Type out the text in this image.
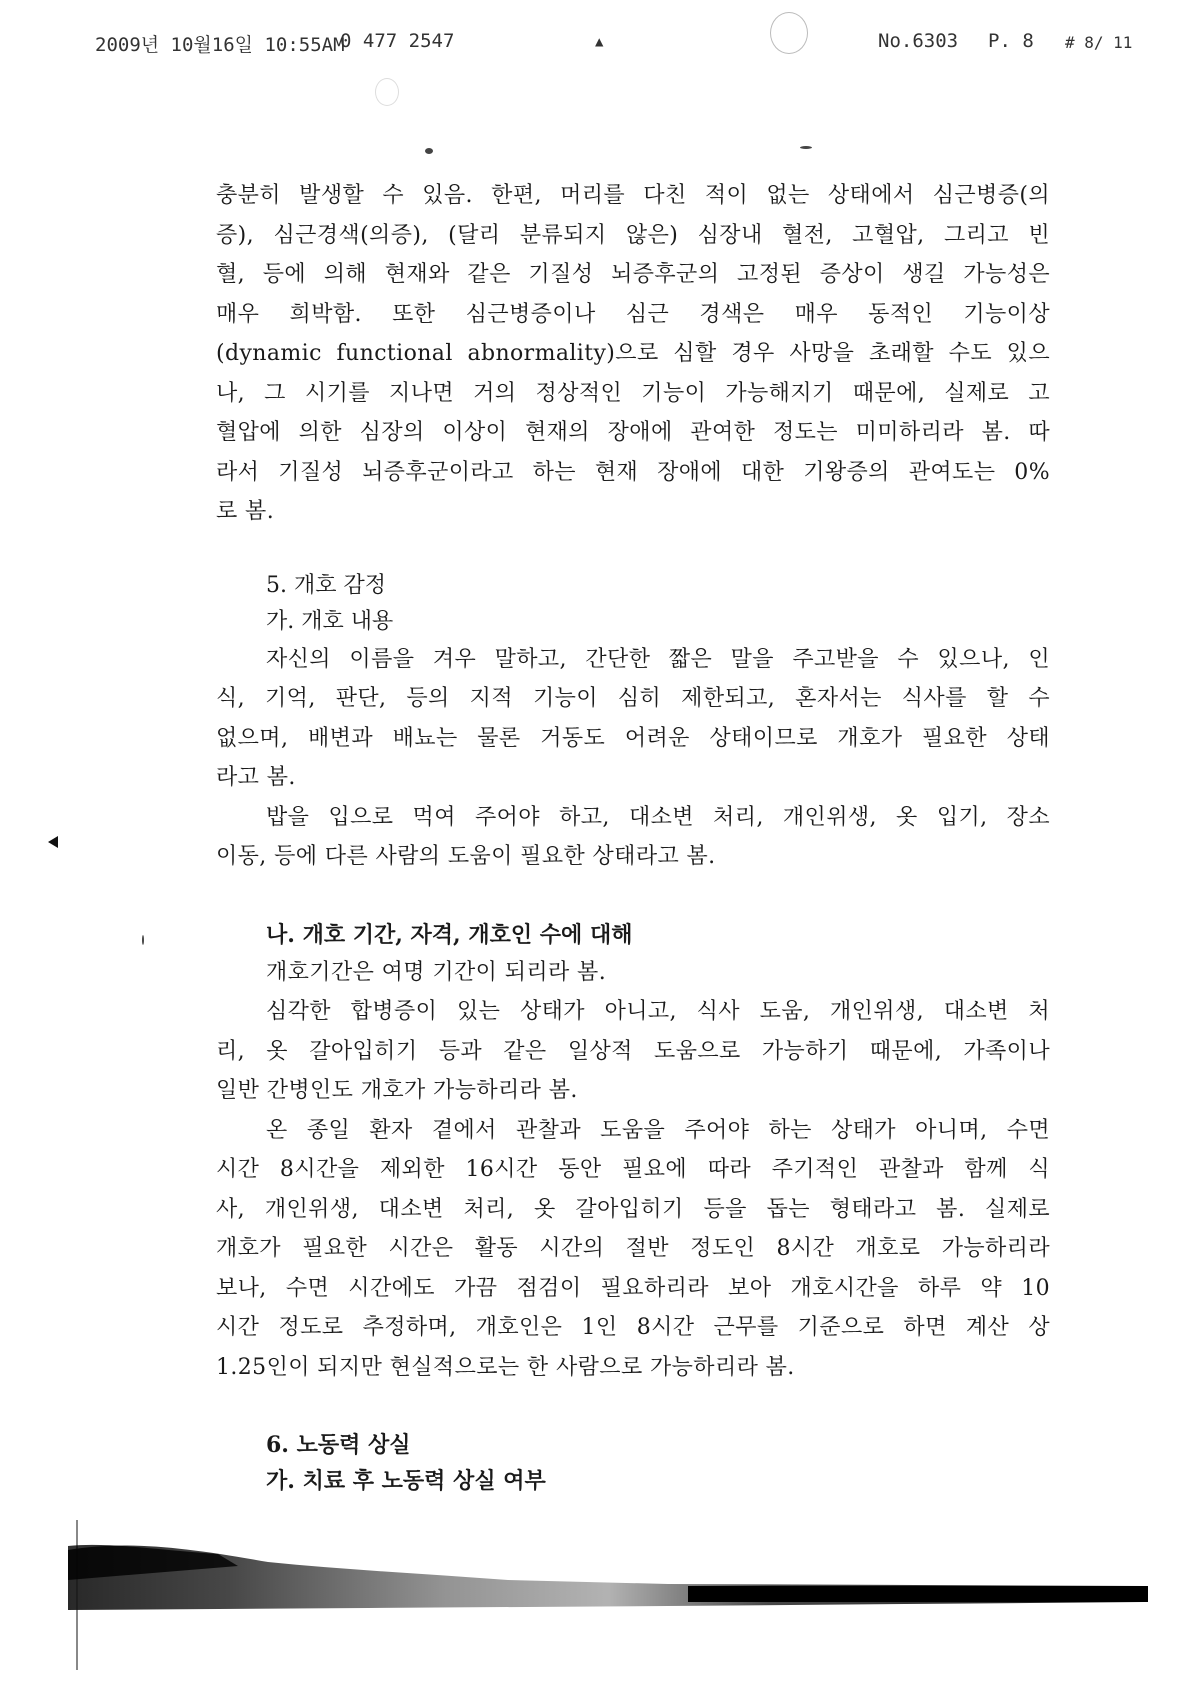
2009년 10월16일 10:55AM
0 477 2547	▲	No.6303 P. 8 # 8/ 11

충분히 발생할 수 있음. 한편, 머리를 다친 적이 없는 상태에서 심근병증(의

증), 심근경색(의증), (달리 분류되지 않은) 심장내 혈전, 고혈압, 그리고 빈

혈, 등에 의해 현재와 같은 기질성 뇌증후군의 고정된 증상이 생길 가능성은

매우 희박함. 또한 심근병증이나 심근 경색은 매우 동적인 기능이상

(dynamic functional abnormality)으로 심할 경우 사망을 초래할 수도 있으

나, 그 시기를 지나면 거의 정상적인 기능이 가능해지기 때문에, 실제로 고

혈압에 의한 심장의 이상이 현재의 장애에 관여한 정도는 미미하리라 봄. 따

라서 기질성 뇌증후군이라고 하는 현재 장애에 대한 기왕증의 관여도는 0%

로 봄.

5. 개호 감정

가. 개호 내용

자신의 이름을 겨우 말하고, 간단한 짧은 말을 주고받을 수 있으나, 인

식, 기억, 판단, 등의 지적 기능이 심히 제한되고, 혼자서는 식사를 할 수

없으며, 배변과 배뇨는 물론 거동도 어려운 상태이므로 개호가 필요한 상태

라고 봄.

밥을 입으로 먹여 주어야 하고, 대소변 처리, 개인위생, 옷 입기, 장소

이동, 등에 다른 사람의 도움이 필요한 상태라고 봄.

나. 개호 기간, 자격, 개호인 수에 대해

개호기간은 여명 기간이 되리라 봄.

심각한 합병증이 있는 상태가 아니고, 식사 도움, 개인위생, 대소변 처

리, 옷 갈아입히기 등과 같은 일상적 도움으로 가능하기 때문에, 가족이나

일반 간병인도 개호가 가능하리라 봄.

온 종일 환자 곁에서 관찰과 도움을 주어야 하는 상태가 아니며, 수면

시간 8시간을 제외한 16시간 동안 필요에 따라 주기적인 관찰과 함께 식

사, 개인위생, 대소변 처리, 옷 갈아입히기 등을 돕는 형태라고 봄. 실제로

개호가 필요한 시간은 활동 시간의 절반 정도인 8시간 개호로 가능하리라

보나, 수면 시간에도 가끔 점검이 필요하리라 보아 개호시간을 하루 약 10

시간 정도로 추정하며, 개호인은 1인 8시간 근무를 기준으로 하면 계산 상

1.25인이 되지만 현실적으로는 한 사람으로 가능하리라 봄.

6. 노동력 상실

가. 치료 후 노동력 상실 여부
